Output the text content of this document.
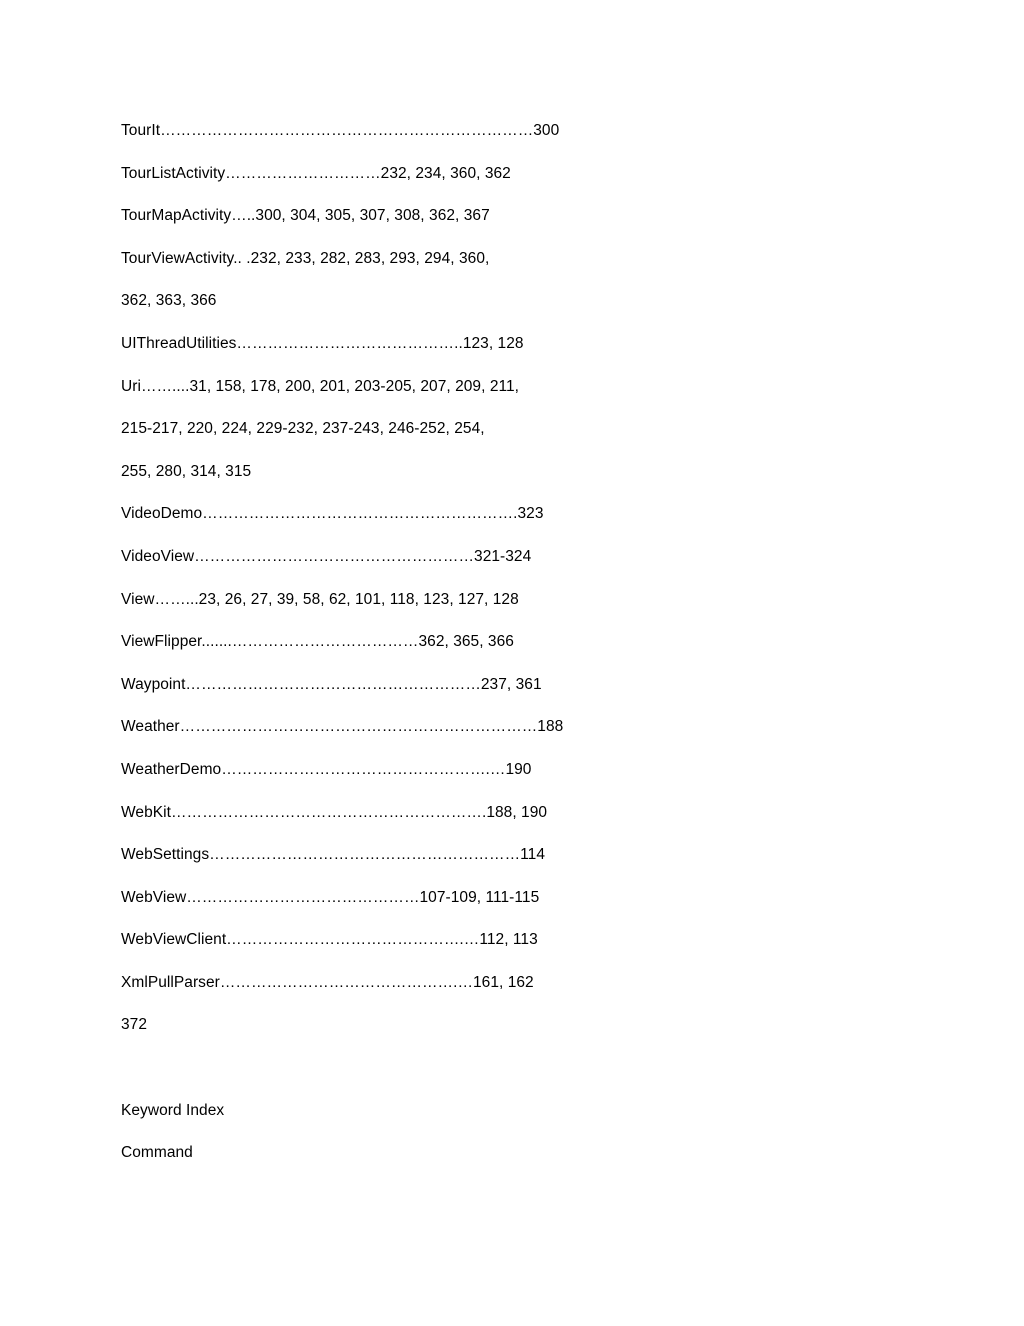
TourIt………………………………………………………………300
TourListActivity…………………………232, 234, 360, 362
TourMapActivity…..300, 304, 305, 307, 308, 362, 367
TourViewActivity.. .232, 233, 282, 283, 293, 294, 360,
362, 363, 366
UIThreadUtilities……………………………………..123, 128
Uri……....31, 158, 178, 200, 201, 203-205, 207, 209, 211,
215-217, 220, 224, 229-232, 237-243, 246-252, 254,
255, 280, 314, 315
VideoDemo…………………………………………………….323
VideoView………………………………………………321-324
View……...23, 26, 27, 39, 58, 62, 101, 118, 123, 127, 128
ViewFlipper.......………………………………362, 365, 366
Waypoint…………………………………………………237, 361
Weather……………………………………………………………188
WeatherDemo…………………………………………….…190
WebKit…………………………………………………….188, 190
WebSettings……………………………………………………114
WebView………………………………………107-109, 111-115
WebViewClient……………………………………….…112, 113
XmlPullParser……………………………………….…161, 162
372
Keyword Index
Command
